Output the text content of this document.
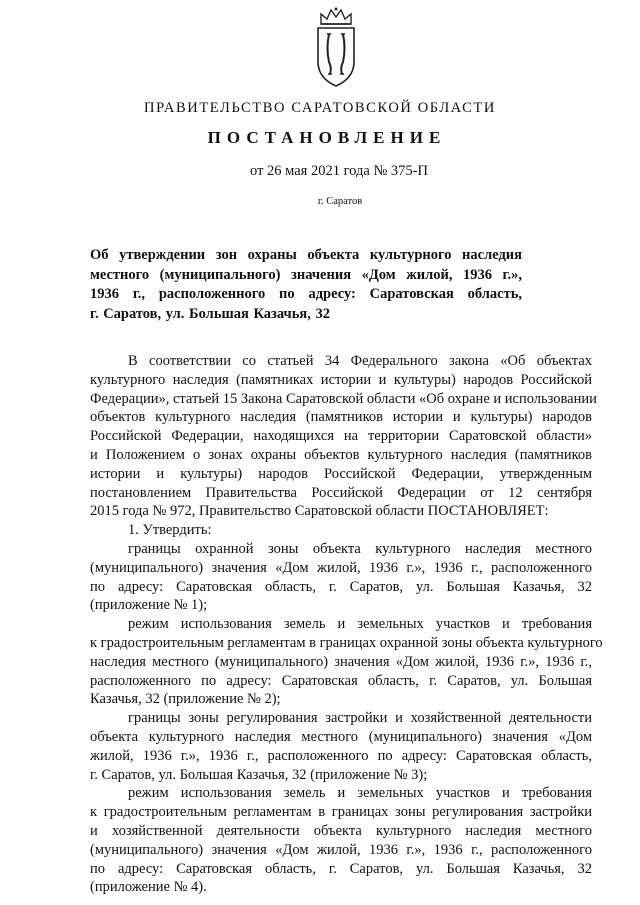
ПРАВИТЕЛЬСТВО САРАТОВСКОЙ ОБЛАСТИ
ПОСТАНОВЛЕНИЕ
от 26 мая 2021 года № 375-П
г. Саратов
Об утверждении зон охраны объекта культурного наследия
местного (муниципального) значения «Дом жилой, 1936 г.»,
1936 г., расположенного по адресу: Саратовская область,
г. Саратов, ул. Большая Казачья, 32
В соответствии со статьей 34 Федерального закона «Об объектах
культурного наследия (памятниках истории и культуры) народов Российской
Федерации», статьей 15 Закона Саратовской области «Об охране и использовании
объектов культурного наследия (памятников истории и культуры) народов
Российской Федерации, находящихся на территории Саратовской области»
и Положением о зонах охраны объектов культурного наследия (памятников
истории и культуры) народов Российской Федерации, утвержденным
постановлением Правительства Российской Федерации от 12 сентября
2015 года № 972, Правительство Саратовской области ПОСТАНОВЛЯЕТ:
1. Утвердить:
границы охранной зоны объекта культурного наследия местного
(муниципального) значения «Дом жилой, 1936 г.», 1936 г., расположенного
по адресу: Саратовская область, г. Саратов, ул. Большая Казачья, 32
(приложение № 1);
режим использования земель и земельных участков и требования
к градостроительным регламентам в границах охранной зоны объекта культурного
наследия местного (муниципального) значения «Дом жилой, 1936 г.», 1936 г.,
расположенного по адресу: Саратовская область, г. Саратов, ул. Большая
Казачья, 32 (приложение № 2);
границы зоны регулирования застройки и хозяйственной деятельности
объекта культурного наследия местного (муниципального) значения «Дом
жилой, 1936 г.», 1936 г., расположенного по адресу: Саратовская область,
г. Саратов, ул. Большая Казачья, 32 (приложение № 3);
режим использования земель и земельных участков и требования
к градостроительным регламентам в границах зоны регулирования застройки
и хозяйственной деятельности объекта культурного наследия местного
(муниципального) значения «Дом жилой, 1936 г.», 1936 г., расположенного
по адресу: Саратовская область, г. Саратов, ул. Большая Казачья, 32
(приложение № 4).
